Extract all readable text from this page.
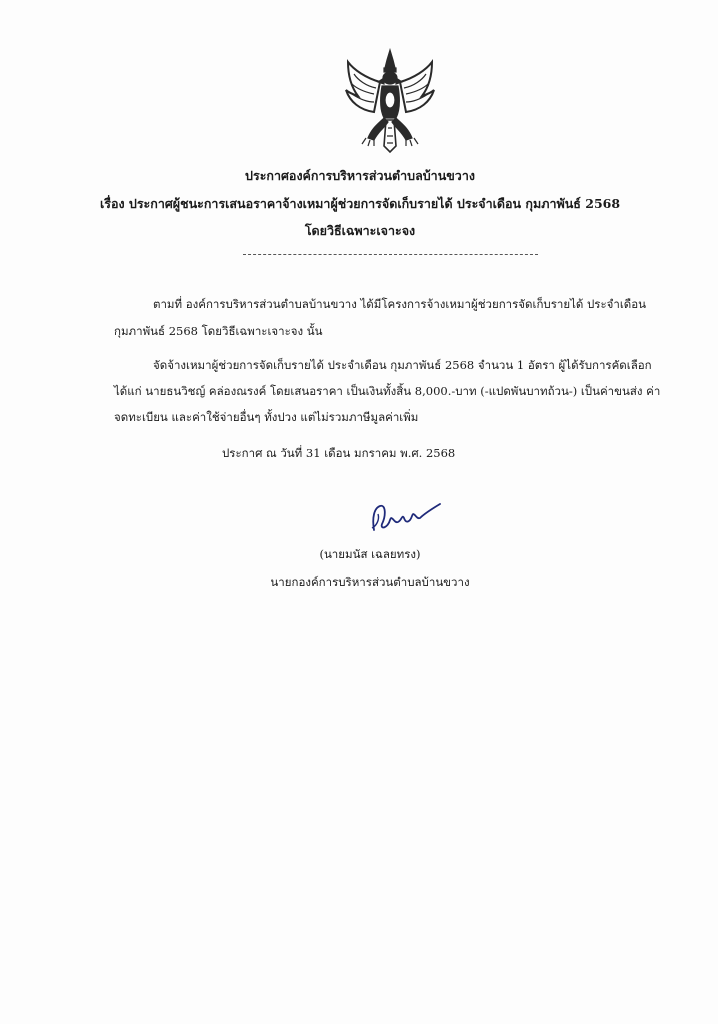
ประกาศองค์การบริหารส่วนตำบลบ้านขวาง
เรื่อง ประกาศผู้ชนะการเสนอราคาจ้างเหมาผู้ช่วยการจัดเก็บรายได้ ประจำเดือน กุมภาพันธ์ 2568
โดยวิธีเฉพาะเจาะจง
ตามที่ องค์การบริหารส่วนตำบลบ้านขวาง ได้มีโครงการจ้างเหมาผู้ช่วยการจัดเก็บรายได้ ประจำเดือน
กุมภาพันธ์ 2568 โดยวิธีเฉพาะเจาะจง นั้น
จัดจ้างเหมาผู้ช่วยการจัดเก็บรายได้ ประจำเดือน กุมภาพันธ์ 2568 จำนวน 1 อัตรา ผู้ได้รับการคัดเลือก
ได้แก่ นายธนวิชญ์ คล่องณรงค์ โดยเสนอราคา เป็นเงินทั้งสิ้น 8,000.-บาท (-แปดพันบาทถ้วน-) เป็นค่าขนส่ง ค่า
จดทะเบียน และค่าใช้จ่ายอื่นๆ ทั้งปวง แต่ไม่รวมภาษีมูลค่าเพิ่ม
ประกาศ ณ วันที่ 31 เดือน มกราคม พ.ศ. 2568
(นายมนัส เฉลยทรง)
นายกองค์การบริหารส่วนตำบลบ้านขวาง
